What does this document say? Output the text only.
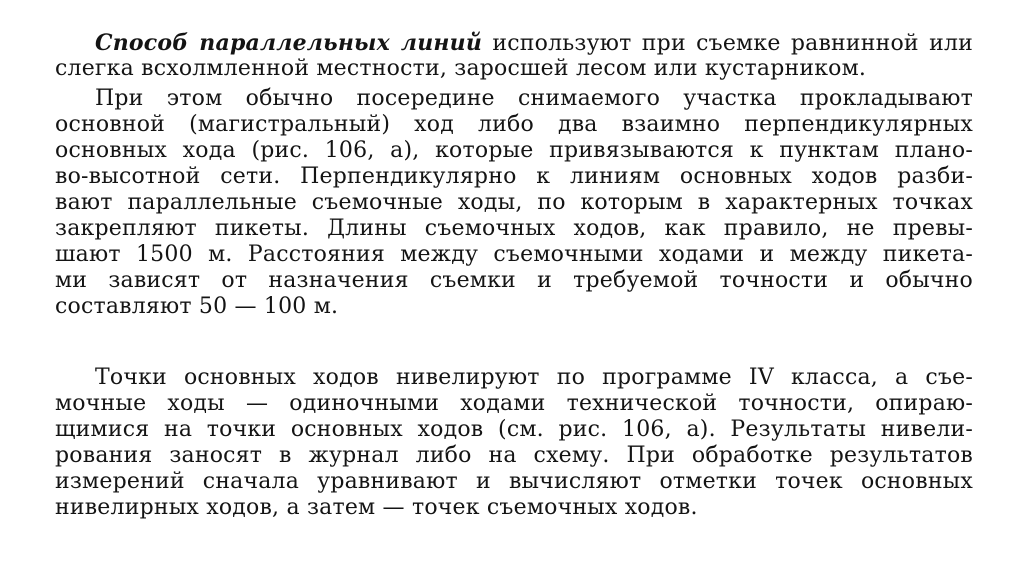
Способ параллельных линий используют при съемке равнинной или
слегка всхолмленной местности, заросшей лесом или кустарником.
При этом обычно посередине снимаемого участка прокладывают
основной (магистральный) ход либо два взаимно перпендикулярных
основных хода (рис. 106, а), которые привязываются к пунктам плано-
во-высотной сети. Перпендикулярно к линиям основных ходов разби-
вают параллельные съемочные ходы, по которым в характерных точках
закрепляют пикеты. Длины съемочных ходов, как правило, не превы-
шают 1500 м. Расстояния между съемочными ходами и между пикета-
ми зависят от назначения съемки и требуемой точности и обычно
составляют 50 — 100 м.
Точки основных ходов нивелируют по программе IV класса, а съе-
мочные ходы — одиночными ходами технической точности, опираю-
щимися на точки основных ходов (см. рис. 106, а). Результаты нивели-
рования заносят в журнал либо на схему. При обработке результатов
измерений сначала уравнивают и вычисляют отметки точек основных
нивелирных ходов, а затем — точек съемочных ходов.
